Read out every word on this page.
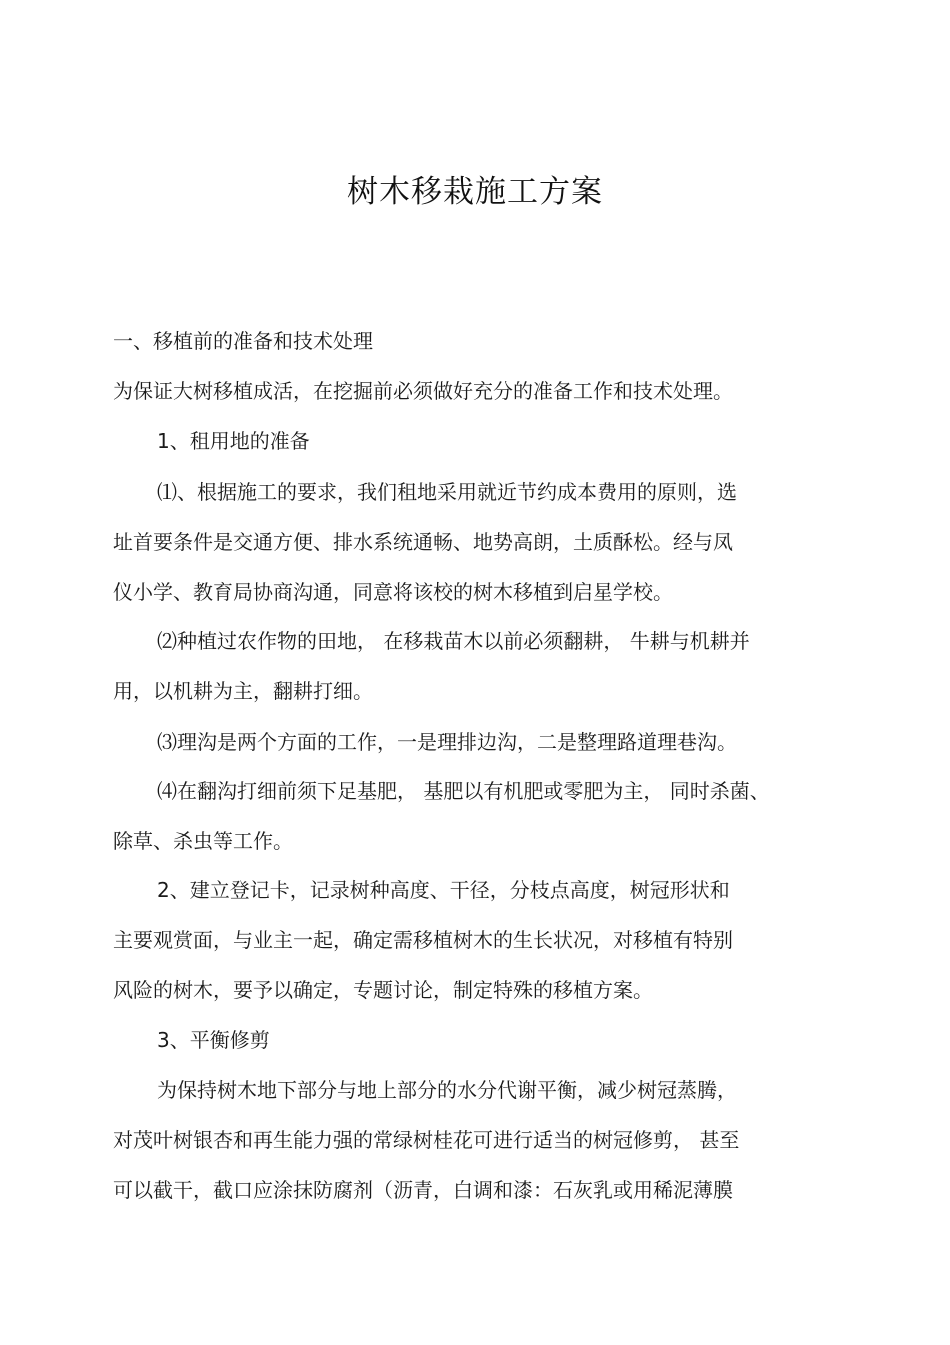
树木移栽施工方案
一、移植前的准备和技术处理
为保证大树移植成活，在挖掘前必须做好充分的准备工作和技术处理。
1、租用地的准备
⑴、根据施工的要求，我们租地采用就近节约成本费用的原则，选
址首要条件是交通方便、排水系统通畅、地势高朗，土质酥松。经与凤
仪小学、教育局协商沟通，同意将该校的树木移植到启星学校。
⑵种植过农作物的田地， 在移栽苗木以前必须翻耕， 牛耕与机耕并
用，以机耕为主，翻耕打细。
⑶理沟是两个方面的工作，一是理排边沟，二是整理路道理巷沟。
⑷在翻沟打细前须下足基肥， 基肥以有机肥或零肥为主， 同时杀菌、
除草、杀虫等工作。
2、建立登记卡，记录树种高度、干径，分枝点高度，树冠形状和
主要观赏面，与业主一起，确定需移植树木的生长状况，对移植有特别
风险的树木，要予以确定，专题讨论，制定特殊的移植方案。
3、平衡修剪
为保持树木地下部分与地上部分的水分代谢平衡，减少树冠蒸腾，
对茂叶树银杏和再生能力强的常绿树桂花可进行适当的树冠修剪， 甚至
可以截干，截口应涂抹防腐剂（沥青，白调和漆：石灰乳或用稀泥薄膜
